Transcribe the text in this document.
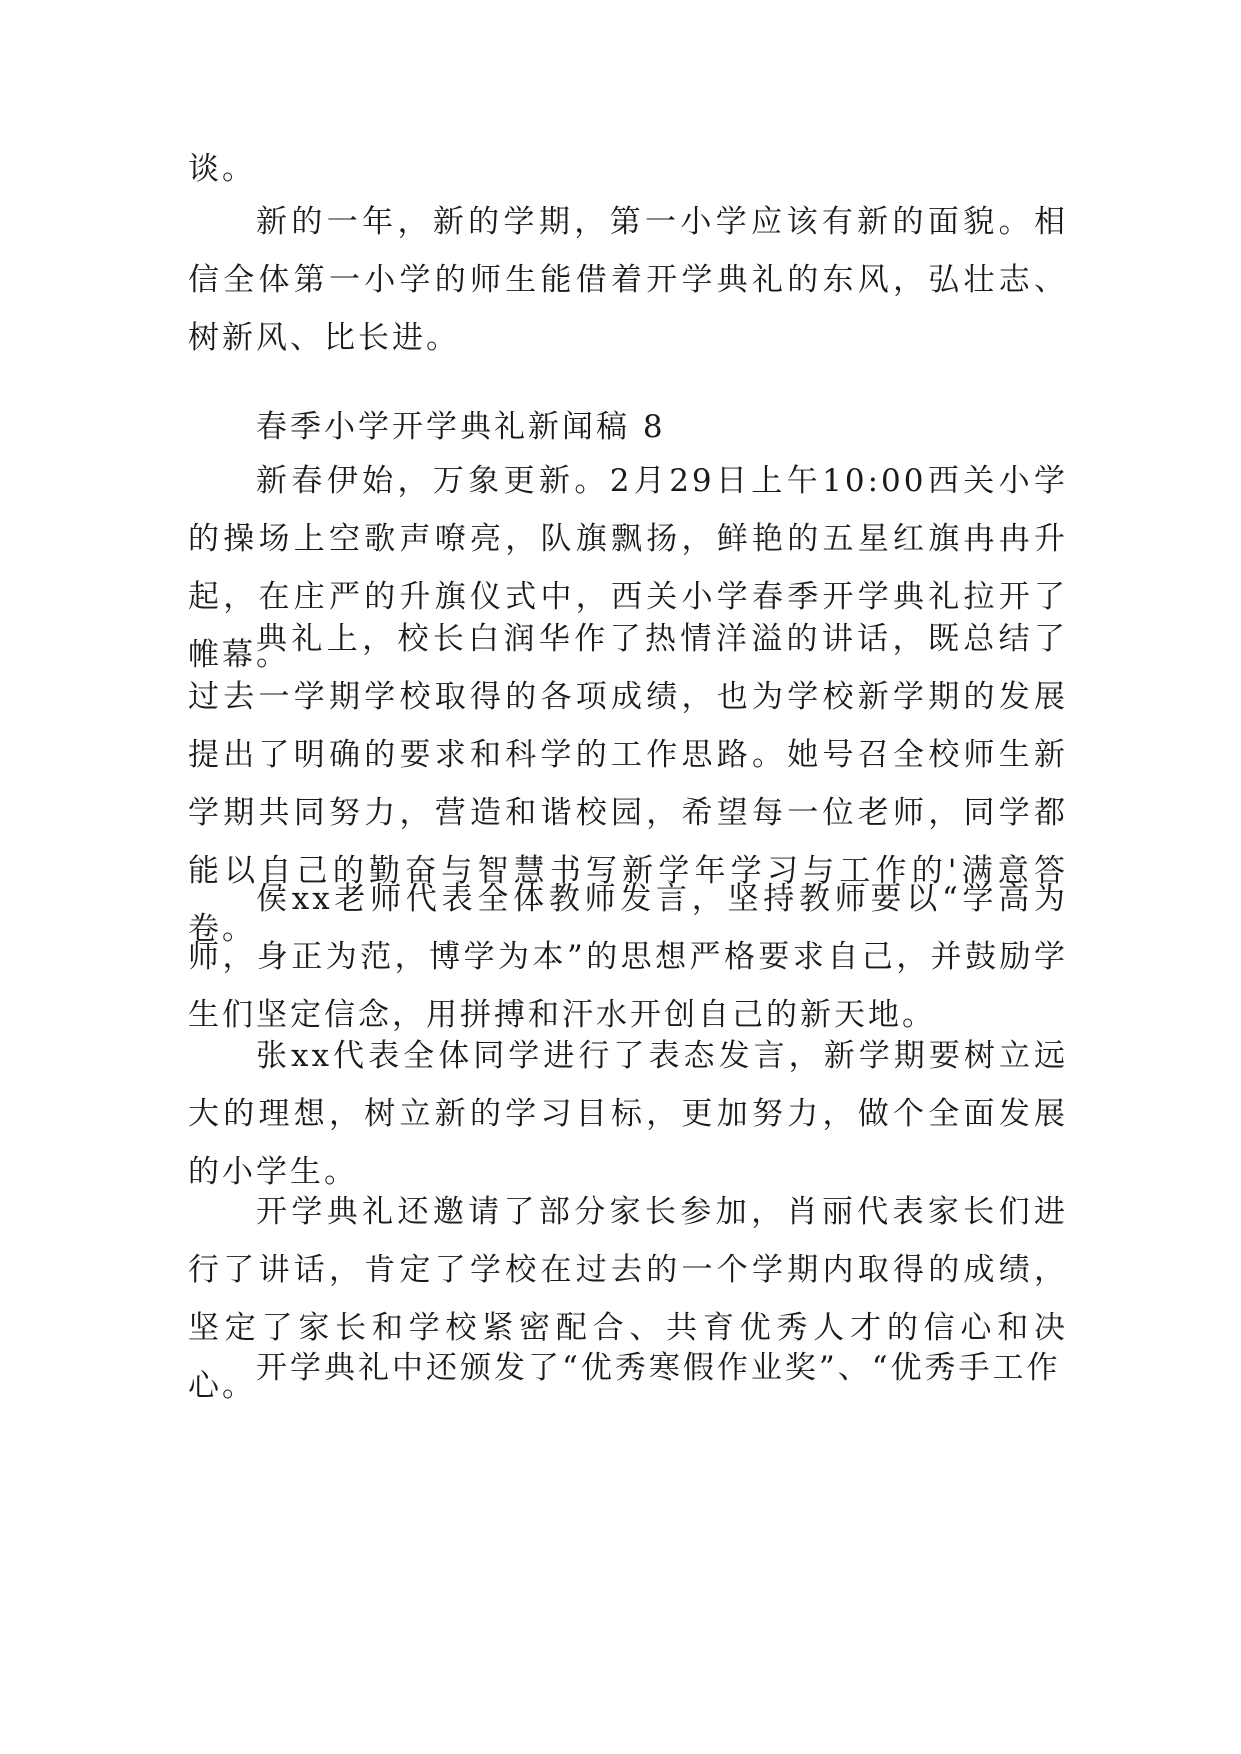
谈。

新的一年，新的学期，第一小学应该有新的面貌。相信全体第一小学的师生能借着开学典礼的东风，弘壮志、树新风、比长进。

春季小学开学典礼新闻稿 8

新春伊始，万象更新。2月29日上午10:00西关小学的操场上空歌声嘹亮，队旗飘扬，鲜艳的五星红旗冉冉升起，在庄严的升旗仪式中，西关小学春季开学典礼拉开了帷幕。

典礼上，校长白润华作了热情洋溢的讲话，既总结了过去一学期学校取得的各项成绩，也为学校新学期的发展提出了明确的要求和科学的工作思路。她号召全校师生新学期共同努力，营造和谐校园，希望每一位老师，同学都能以自己的勤奋与智慧书写新学年学习与工作的'满意答卷。

侯xx老师代表全体教师发言，坚持教师要以“学高为师，身正为范，博学为本”的思想严格要求自己，并鼓励学生们坚定信念，用拼搏和汗水开创自己的新天地。

张xx代表全体同学进行了表态发言，新学期要树立远大的理想，树立新的学习目标，更加努力，做个全面发展的小学生。

开学典礼还邀请了部分家长参加，肖丽代表家长们进行了讲话，肯定了学校在过去的一个学期内取得的成绩，坚定了家长和学校紧密配合、共育优秀人才的信心和决心。 开学典礼中还颁发了“优秀寒假作业奖”、“优秀手工作
